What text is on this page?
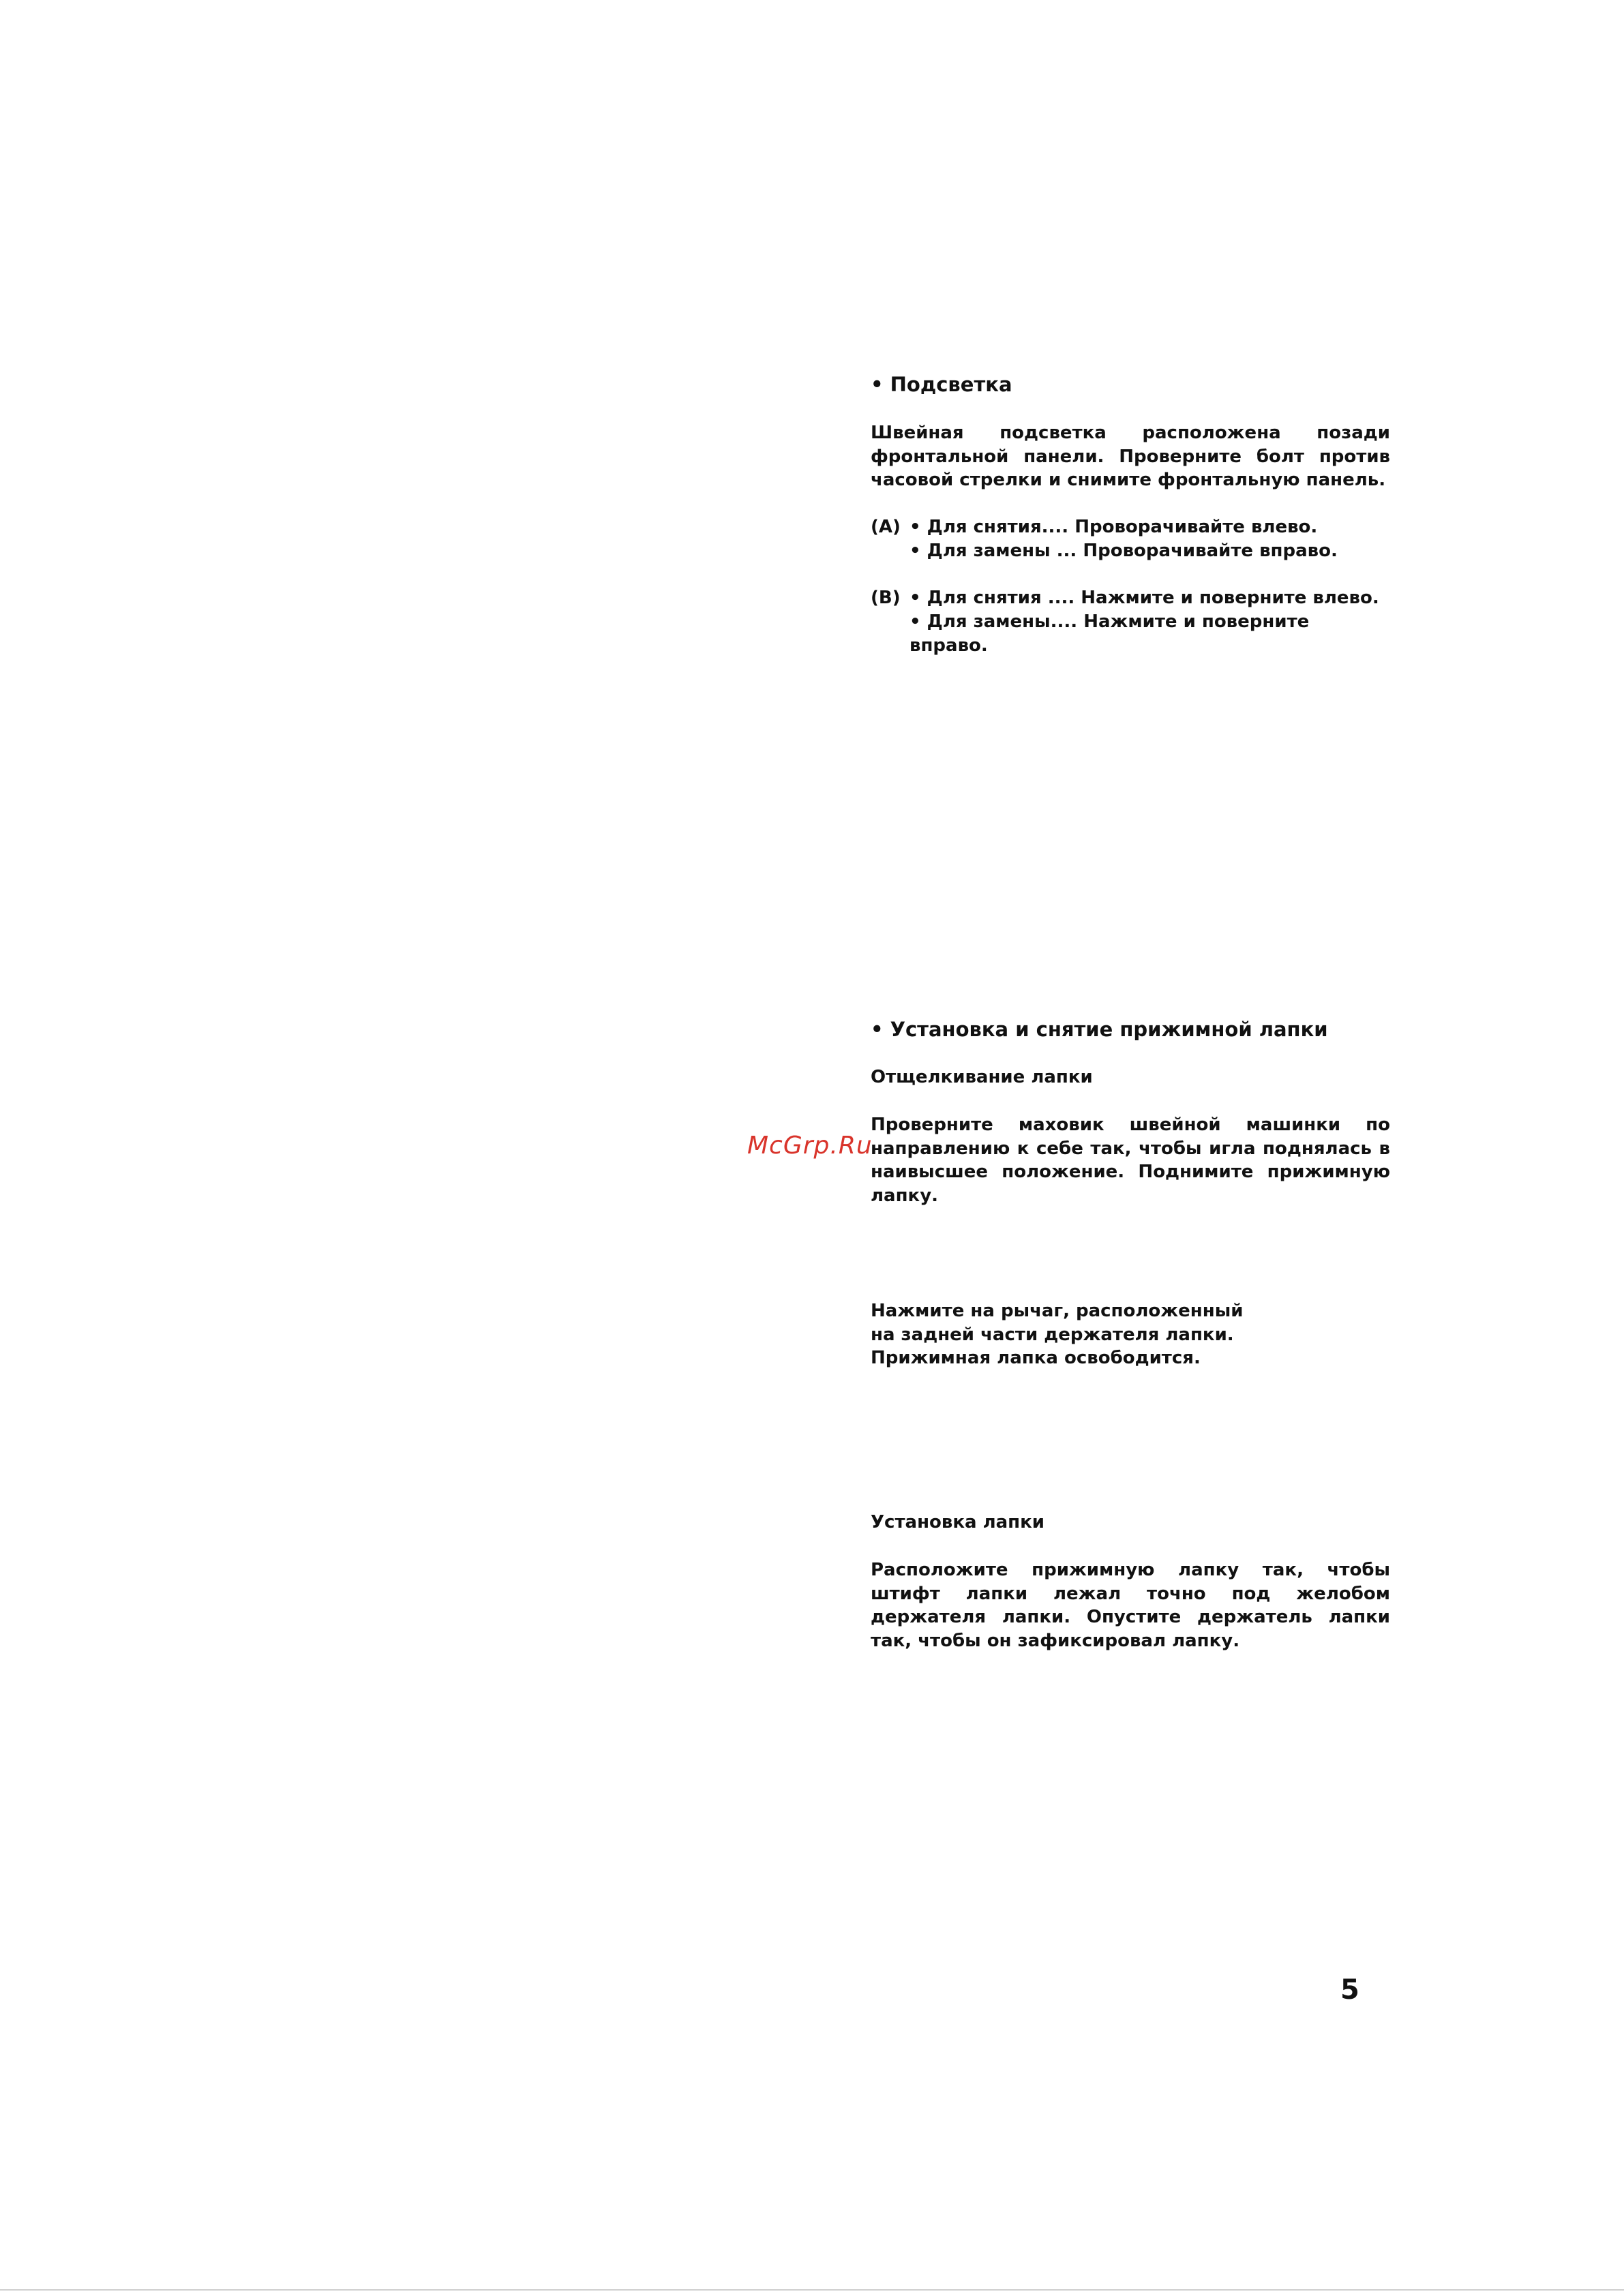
• Подсветка
Швейная подсветка расположена позади фронтальной панели. Проверните болт против часовой стрелки и снимите фронтальную панель.
(A) • Для снятия.... Проворачивайте влево.
• Для замены ... Проворачивайте вправо.
(B) • Для снятия .... Нажмите и поверните влево.
• Для замены.... Нажмите и поверните вправо.
• Установка и снятие прижимной лапки
Отщелкивание лапки
Проверните маховик швейной машинки по направлению к себе так, чтобы игла поднялась в наивысшее положение. Поднимите прижимную лапку.
Нажмите на рычаг, расположенный
на задней части держателя лапки.
Прижимная лапка освободится.
Установка лапки
Расположите прижимную лапку так, чтобы штифт лапки лежал точно под желобом держателя лапки. Опустите держатель лапки так, чтобы он зафиксировал лапку.
McGrp.Ru
5
